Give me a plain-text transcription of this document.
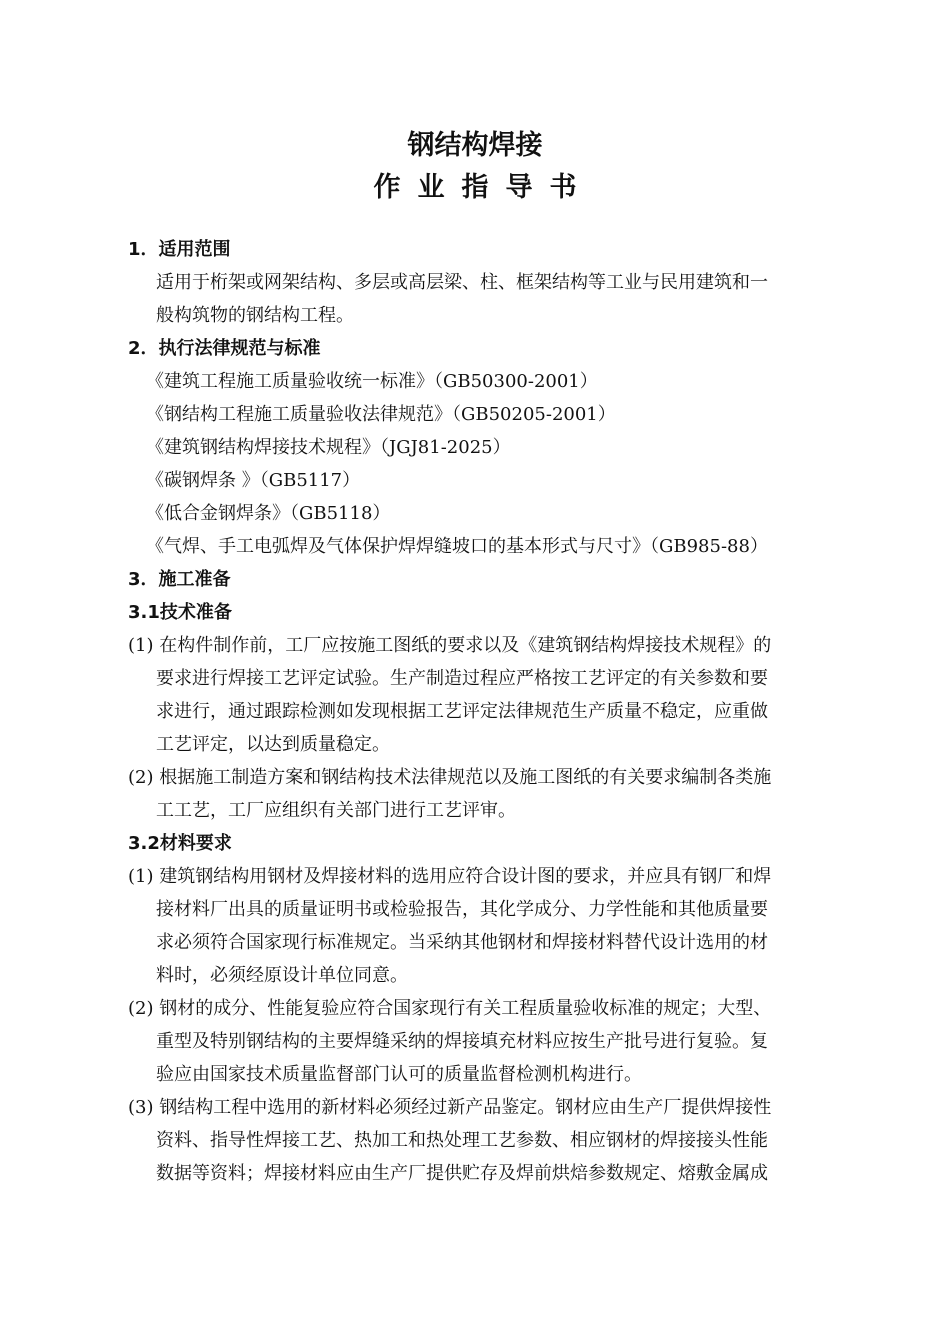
钢结构焊接
作业指导书
1．适用范围
适用于桁架或网架结构、多层或高层梁、柱、框架结构等工业与民用建筑和一
般构筑物的钢结构工程。
2．执行法律规范与标准
《建筑工程施工质量验收统一标准》（GB50300-2001）
《钢结构工程施工质量验收法律规范》（GB50205-2001）
《建筑钢结构焊接技术规程》（JGJ81-2025）
《碳钢焊条 》（GB5117）
《低合金钢焊条》（GB5118）
《气焊、手工电弧焊及气体保护焊焊缝坡口的基本形式与尺寸》（GB985-88）
3．施工准备
3.1技术准备
(1) 在构件制作前，工厂应按施工图纸的要求以及《建筑钢结构焊接技术规程》的
要求进行焊接工艺评定试验。生产制造过程应严格按工艺评定的有关参数和要
求进行，通过跟踪检测如发现根据工艺评定法律规范生产质量不稳定，应重做
工艺评定，以达到质量稳定。
(2) 根据施工制造方案和钢结构技术法律规范以及施工图纸的有关要求编制各类施
工工艺，工厂应组织有关部门进行工艺评审。
3.2材料要求
(1) 建筑钢结构用钢材及焊接材料的选用应符合设计图的要求，并应具有钢厂和焊
接材料厂出具的质量证明书或检验报告，其化学成分、力学性能和其他质量要
求必须符合国家现行标准规定。当采纳其他钢材和焊接材料替代设计选用的材
料时，必须经原设计单位同意。
(2) 钢材的成分、性能复验应符合国家现行有关工程质量验收标准的规定；大型、
重型及特别钢结构的主要焊缝采纳的焊接填充材料应按生产批号进行复验。复
验应由国家技术质量监督部门认可的质量监督检测机构进行。
(3) 钢结构工程中选用的新材料必须经过新产品鉴定。钢材应由生产厂提供焊接性
资料、指导性焊接工艺、热加工和热处理工艺参数、相应钢材的焊接接头性能
数据等资料；焊接材料应由生产厂提供贮存及焊前烘焙参数规定、熔敷金属成
